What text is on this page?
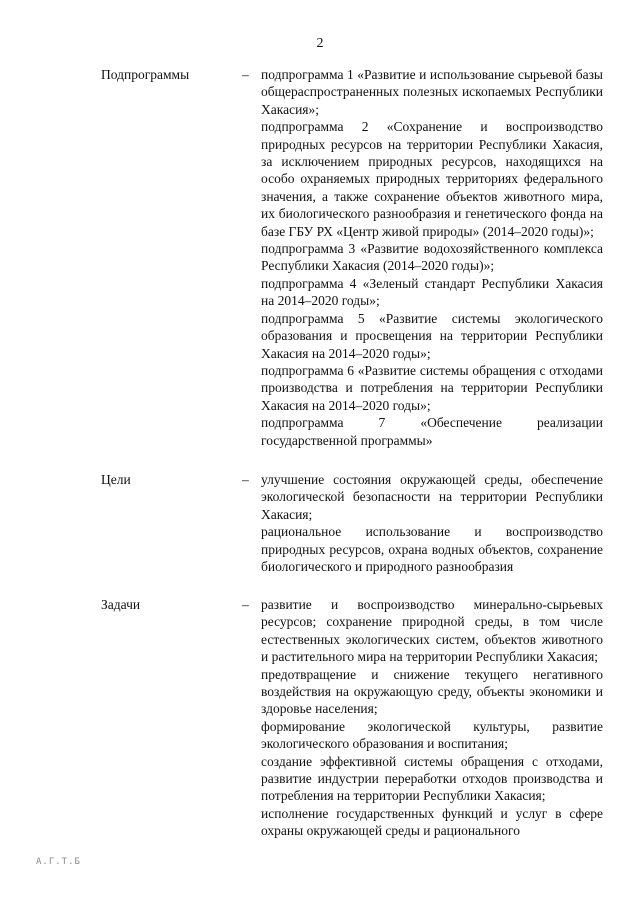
2
Подпрограммы	– подпрограмма 1 «Развитие и использование сырьевой базы общераспространенных полезных ископаемых Республики Хакасия»;

подпрограмма 2 «Сохранение и воспроизводство природных ресурсов на территории Республики Хакасия, за исключением природных ресурсов, находящихся на особо охраняемых природных территориях федерального значения, а также сохранение объектов животного мира, их биологического разнообразия и генетического фонда на базе ГБУ РХ «Центр живой природы» (2014–2020 годы)»;

подпрограмма 3 «Развитие водохозяйственного комплекса Республики Хакасия (2014–2020 годы)»;

подпрограмма 4 «Зеленый стандарт Республики Хакасия на 2014–2020 годы»;

подпрограмма 5 «Развитие системы экологического образования и просвещения на территории Республики Хакасия на 2014–2020 годы»;

подпрограмма 6 «Развитие системы обращения с отходами производства и потребления на территории Республики Хакасия на 2014–2020 годы»;

подпрограмма 7 «Обеспечение реализации государственной программы»

Цели	– улучшение состояния окружающей среды, обеспечение экологической безопасности на территории Республики Хакасия;

рациональное использование и воспроизводство природных ресурсов, охрана водных объектов, сохранение биологического и природного разнообразия

Задачи	– развитие и воспроизводство минерально-сырьевых ресурсов; сохранение природной среды, в том числе естественных экологических систем, объектов животного и растительного мира на территории Республики Хакасия;

предотвращение и снижение текущего негативного воздействия на окружающую среду, объекты экономики и здоровье населения;

формирование экологической культуры, развитие экологического образования и воспитания;

создание эффективной системы обращения с отходами, развитие индустрии переработки отходов производства и потребления на территории Республики Хакасия;

исполнение государственных функций и услуг в сфере охраны окружающей среды и рационального

А.Г.Т.Б
